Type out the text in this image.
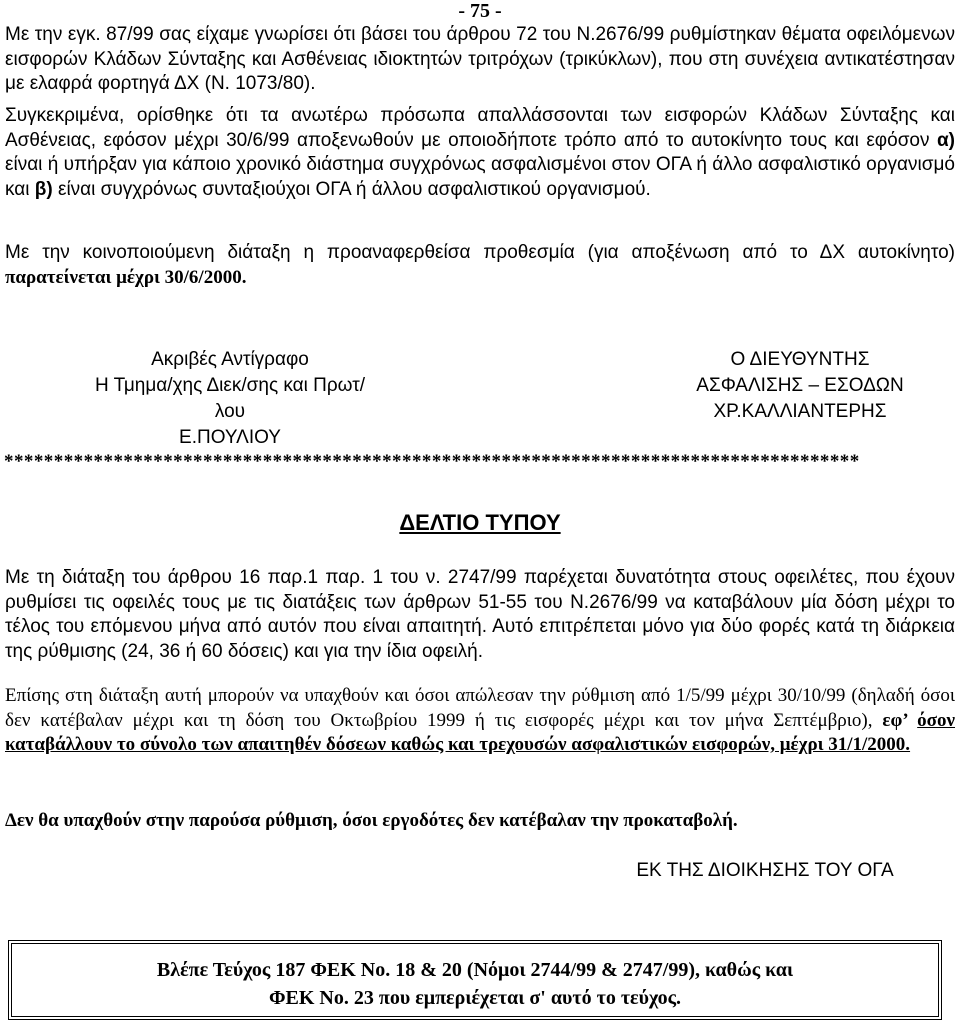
- 75 -

Με την εγκ. 87/99 σας είχαμε γνωρίσει ότι βάσει του άρθρου 72 του Ν.2676/99 ρυθμίστηκαν θέματα οφειλόμενων εισφορών Κλάδων Σύνταξης και Ασθένειας ιδιοκτητών τριτρόχων (τρικύκλων), που στη συνέχεια αντικατέστησαν με ελαφρά φορτηγά ΔΧ (Ν. 1073/80).

Συγκεκριμένα, ορίσθηκε ότι τα ανωτέρω πρόσωπα απαλλάσσονται των εισφορών Κλάδων Σύνταξης και Ασθένειας, εφόσον μέχρι 30/6/99 αποξενωθούν με οποιοδήποτε τρόπο από το αυτοκίνητο τους και εφόσον α) είναι ή υπήρξαν για κάποιο χρονικό διάστημα συγχρόνως ασφαλισμένοι στον ΟΓΑ ή άλλο ασφαλιστικό οργανισμό και β) είναι συγχρόνως συνταξιούχοι ΟΓΑ ή άλλου ασφαλιστικού οργανισμού.

Με την κοινοποιούμενη διάταξη η προαναφερθείσα προθεσμία (για αποξένωση από το ΔΧ αυτοκίνητο) παρατείνεται μέχρι 30/6/2000.

Ακριβές Αντίγραφο
Η Τμημα/χης Διεκ/σης και Πρωτ/λου
Ε.ΠΟΥΛΙΟΥ
Ο ΔΙΕΥΘΥΝΤΗΣ
ΑΣΦΑΛΙΣΗΣ – ΕΣΟΔΩΝ
ΧΡ.ΚΑΛΛΙΑΝΤΕΡΗΣ
**************************************************************************************
ΔΕΛΤΙΟ ΤΥΠΟΥ

Με τη διάταξη του άρθρου 16 παρ.1 παρ. 1 του ν. 2747/99 παρέχεται δυνατότητα στους οφειλέτες, που έχουν ρυθμίσει τις οφειλές τους με τις διατάξεις των άρθρων 51-55 του Ν.2676/99 να καταβάλουν μία δόση μέχρι το τέλος του επόμενου μήνα από αυτόν που είναι απαιτητή. Αυτό επιτρέπεται μόνο για δύο φορές κατά τη διάρκεια της ρύθμισης (24, 36 ή 60 δόσεις) και για την ίδια οφειλή.

Επίσης στη διάταξη αυτή μπορούν να υπαχθούν και όσοι απώλεσαν την ρύθμιση από 1/5/99 μέχρι 30/10/99 (δηλαδή όσοι δεν κατέβαλαν μέχρι και τη δόση του Οκτωβρίου 1999 ή τις εισφορές μέχρι και τον μήνα Σεπτέμβριο), εφ’ όσον καταβάλλουν το σύνολο των απαιτηθέν δόσεων καθώς και τρεχουσών ασφαλιστικών εισφορών, μέχρι 31/1/2000.

Δεν θα υπαχθούν στην παρούσα ρύθμιση, όσοι εργοδότες δεν κατέβαλαν την προκαταβολή.

ΕΚ ΤΗΣ ΔΙΟΙΚΗΣΗΣ ΤΟΥ ΟΓΑ
Βλέπε Τεύχος 187 ΦΕΚ Νο. 18 & 20 (Νόμοι 2744/99 & 2747/99), καθώς και
ΦΕΚ Νο. 23 που εμπεριέχεται σ' αυτό το τεύχος.
